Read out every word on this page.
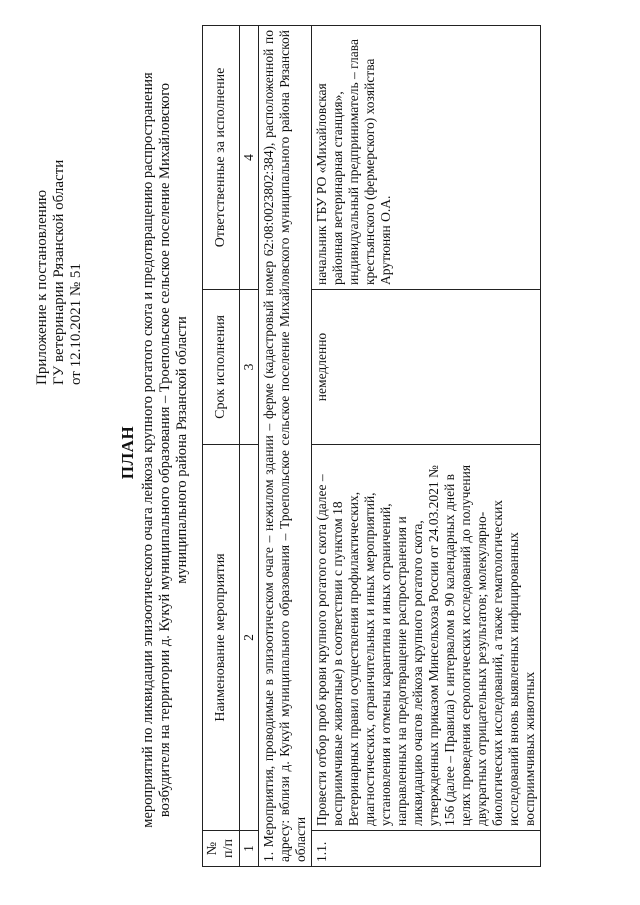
Приложение к постановлению ГУ ветеринарии Рязанской области от 12.10.2021 № 51
ПЛАН мероприятий по ликвидации эпизоотического очага лейкоза крупного рогатого скота и предотвращению распространения возбудителя на территории д. Кукуй муниципального образования – Троепольское сельское поселение Михайловского муниципального района Рязанской области
№ п/п	Наименование мероприятия	Срок исполнения	Ответственные за исполнение
1	2	3	4
1. Мероприятия, проводимые в эпизоотическом очаге – нежилом здании – ферме (кадастровый номер 62:08:0023802:384), расположенной по адресу: вблизи д. Кукуй муниципального образования – Троепольское сельское поселение Михайловского муниципального района Рязанской области			
1.1.	Провести отбор проб крови крупного рогатого скота (далее – восприимчивые животные) в соответствии с пунктом 18 Ветеринарных правил осуществления профилактических, диагностических, ограничительных и иных мероприятий, установления и отмены карантина и иных ограничений, направленных на предотвращение распространения и ликвидацию очагов лейкоза крупного рогатого скота, утвержденных приказом Минсельхоза России от 24.03.2021 № 156 (далее – Правила) с интервалом в 90 календарных дней в целях проведения серологических исследований до получения двукратных отрицательных результатов; молекулярно-биологических исследований, а также гематологических исследований вновь выявленных инфицированных восприимчивых животных	немедленно	начальник ГБУ РО «Михайловская районная ветеринарная станция», индивидуальный предприниматель – глава крестьянского (фермерского) хозяйства Арутюнян О.А.
